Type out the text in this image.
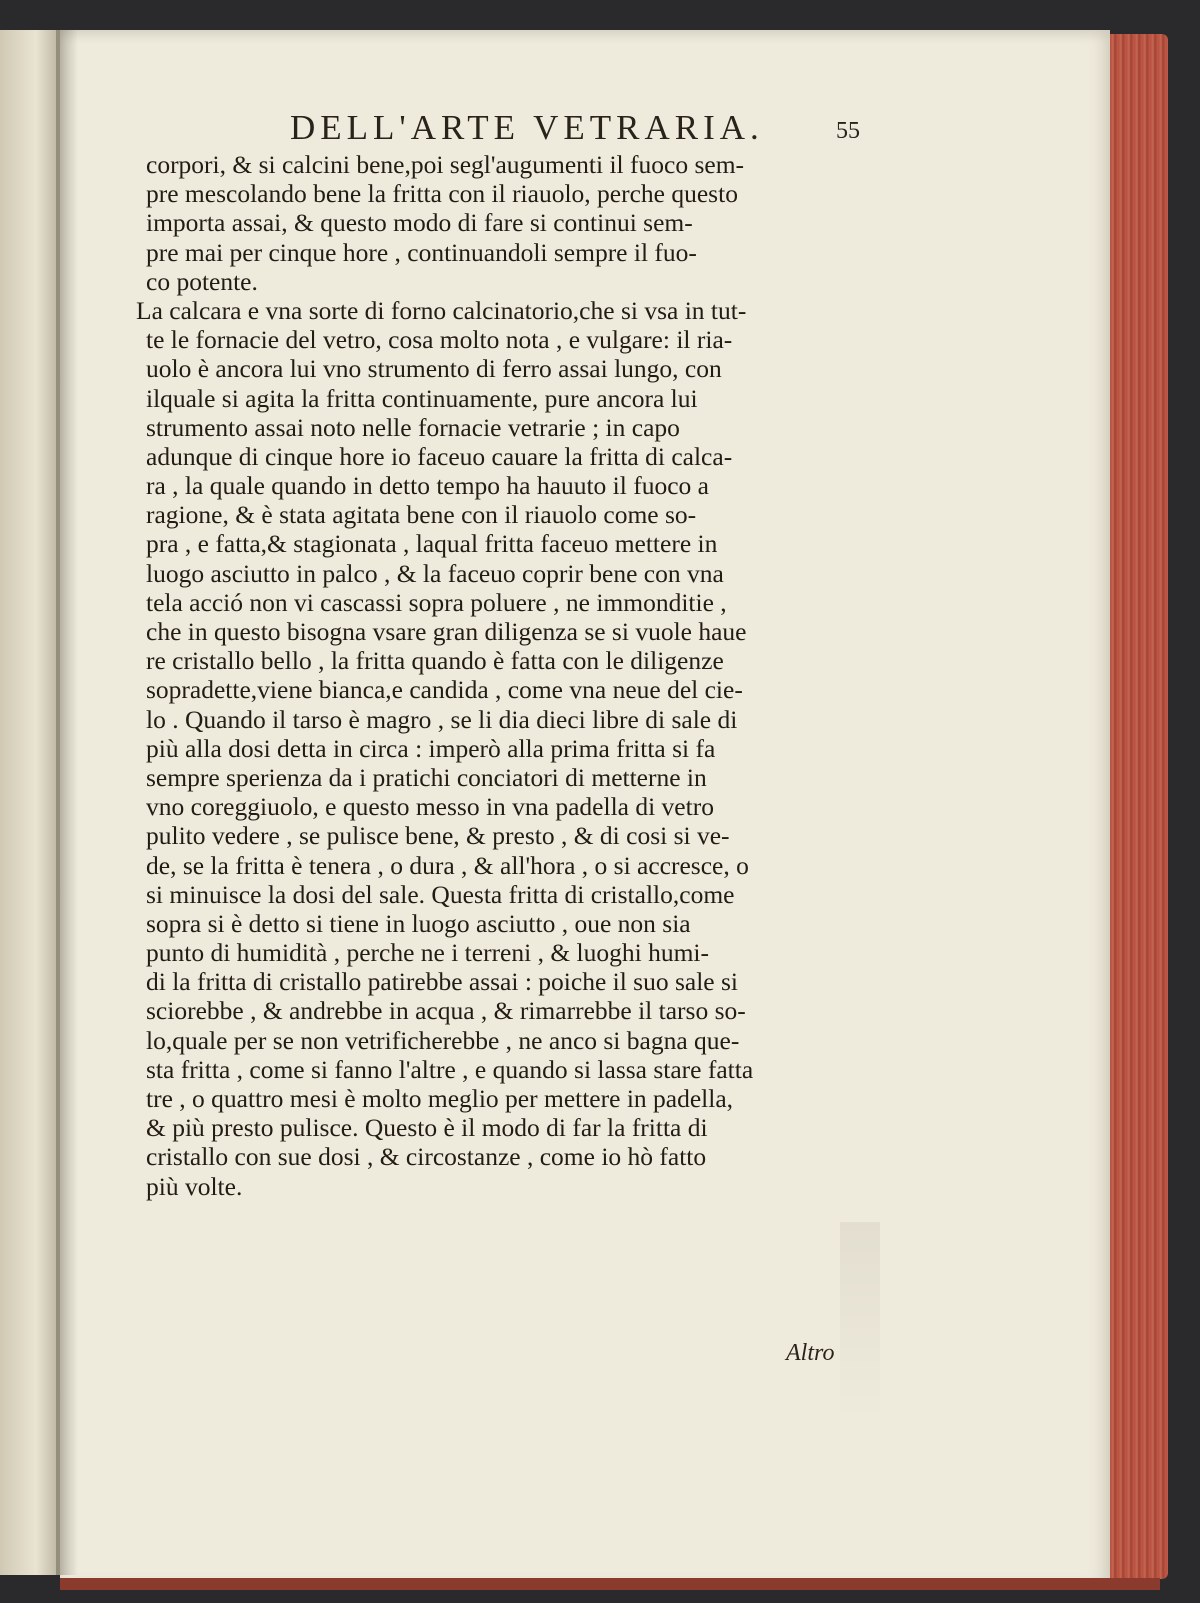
DELL'ARTE VETRARIA.	55
corpori, & si calcini bene,poi segl'augumenti il fuoco sem-
pre mescolando bene la fritta con il riauolo, perche questo
importa assai, & questo modo di fare si continui sem-
pre mai per cinque hore , continuandoli sempre il fuo-
co potente.
La calcara e vna sorte di forno calcinatorio,che si vsa in tut-
te le fornacie del vetro, cosa molto nota , e vulgare: il ria-
uolo è ancora lui vno strumento di ferro assai lungo, con
ilquale si agita la fritta continuamente, pure ancora lui
strumento assai noto nelle fornacie vetrarie ; in capo
adunque di cinque hore io faceuo cauare la fritta di calca-
ra , la quale quando in detto tempo ha hauuto il fuoco a
ragione, & è stata agitata bene con il riauolo come so-
pra , e fatta,& stagionata , laqual fritta faceuo mettere in
luogo asciutto in palco , & la faceuo coprir bene con vna
tela acció non vi cascassi sopra poluere , ne immonditie ,
che in questo bisogna vsare gran diligenza se si vuole haue
re cristallo bello , la fritta quando è fatta con le diligenze
sopradette,viene bianca,e candida , come vna neue del cie-
lo . Quando il tarso è magro , se li dia dieci libre di sale di
più alla dosi detta in circa : imperò alla prima fritta si fa
sempre sperienza da i pratichi conciatori di metterne in
vno coreggiuolo, e questo messo in vna padella di vetro
pulito vedere , se pulisce bene, & presto , & di cosi si ve-
de, se la fritta è tenera , o dura , & all'hora , o si accresce, o
si minuisce la dosi del sale. Questa fritta di cristallo,come
sopra si è detto si tiene in luogo asciutto , oue non sia
punto di humidità , perche ne i terreni , & luoghi humi-
di la fritta di cristallo patirebbe assai : poiche il suo sale si
sciorebbe , & andrebbe in acqua , & rimarrebbe il tarso so-
lo,quale per se non vetrificherebbe , ne anco si bagna que-
sta fritta , come si fanno l'altre , e quando si lassa stare fatta
tre , o quattro mesi è molto meglio per mettere in padella,
& più presto pulisce. Questo è il modo di far la fritta di
cristallo con sue dosi , & circostanze , come io hò fatto
più volte.
Altro
